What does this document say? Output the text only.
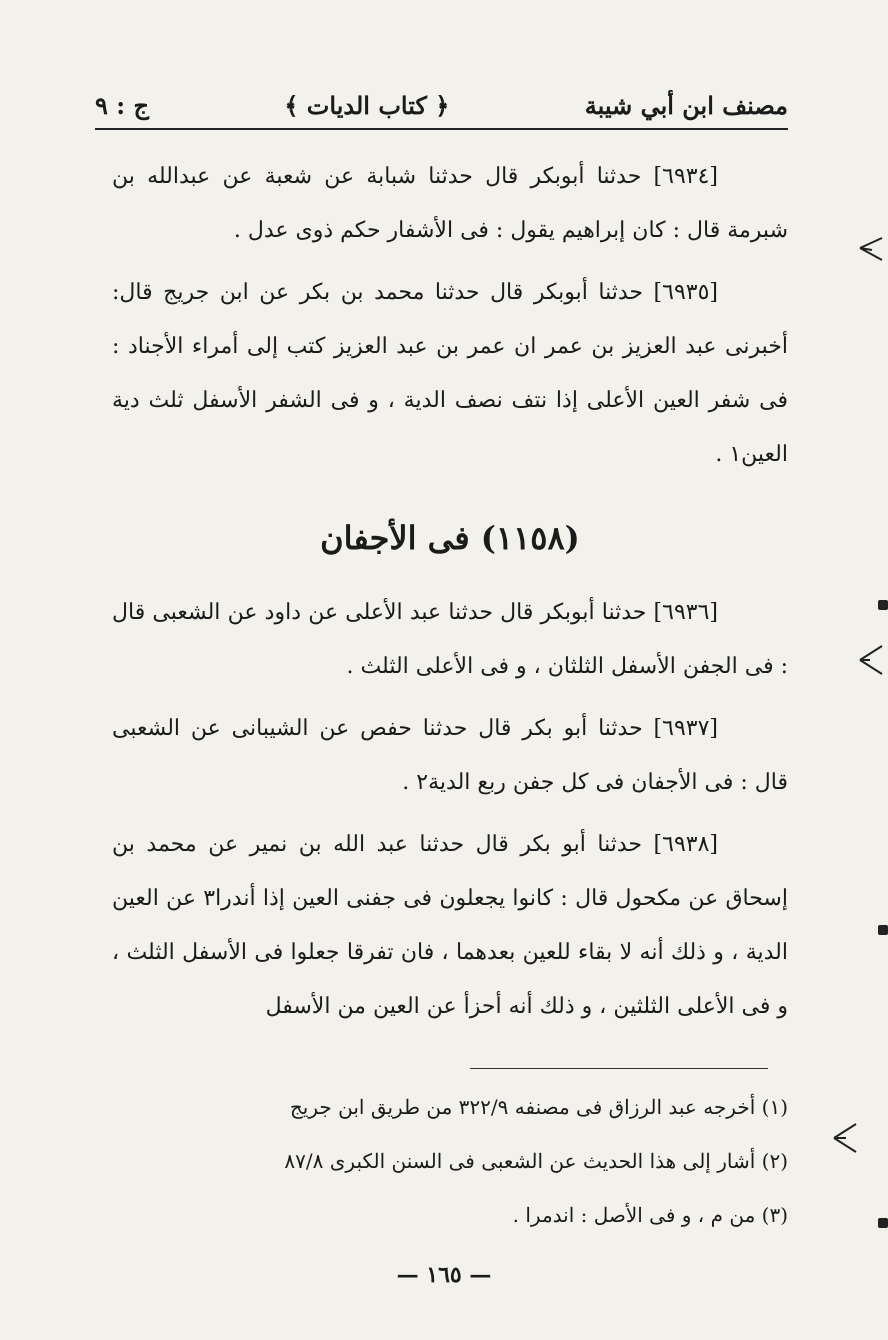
مصنف ابن أبي شيبة
﴿ كتاب الديات ﴾
ج : ٩

[٦٩٣٤] حدثنا أبوبكر قال حدثنا شبابة عن شعبة عن عبدالله بن شبرمة قال : كان إبراهيم يقول : فى الأشفار حكم ذوى عدل .

[٦٩٣٥] حدثنا أبوبكر قال حدثنا محمد بن بكر عن ابن جريج قال: أخبرنى عبد العزيز بن عمر ان عمر بن عبد العزيز كتب إلى أمراء الأجناد : فى شفر العين الأعلى إذا نتف نصف الدية ، و فى الشفر الأسفل ثلث دية العين١ .

(١١٥٨) فى الأجفان

[٦٩٣٦] حدثنا أبوبكر قال حدثنا عبد الأعلى عن داود عن الشعبى قال : فى الجفن الأسفل الثلثان ، و فى الأعلى الثلث .

[٦٩٣٧] حدثنا أبو بكر قال حدثنا حفص عن الشيبانى عن الشعبى قال : فى الأجفان فى كل جفن ربع الدية٢ .

[٦٩٣٨] حدثنا أبو بكر قال حدثنا عبد الله بن نمير عن محمد بن إسحاق عن مكحول قال : كانوا يجعلون فى جفنى العين إذا أندرا٣ عن العين الدية ، و ذلك أنه لا بقاء للعين بعدهما ، فان تفرقا جعلوا فى الأسفل الثلث ، و فى الأعلى الثلثين ، و ذلك أنه أحزأ عن العين من الأسفل

(١) أخرجه عبد الرزاق فى مصنفه ٣٢٢/٩ من طريق ابن جريج
(٢) أشار إلى هذا الحديث عن الشعبى فى السنن الكبرى ٨٧/٨
(٣) من م ، و فى الأصل : اندمرا .
— ١٦٥ —
